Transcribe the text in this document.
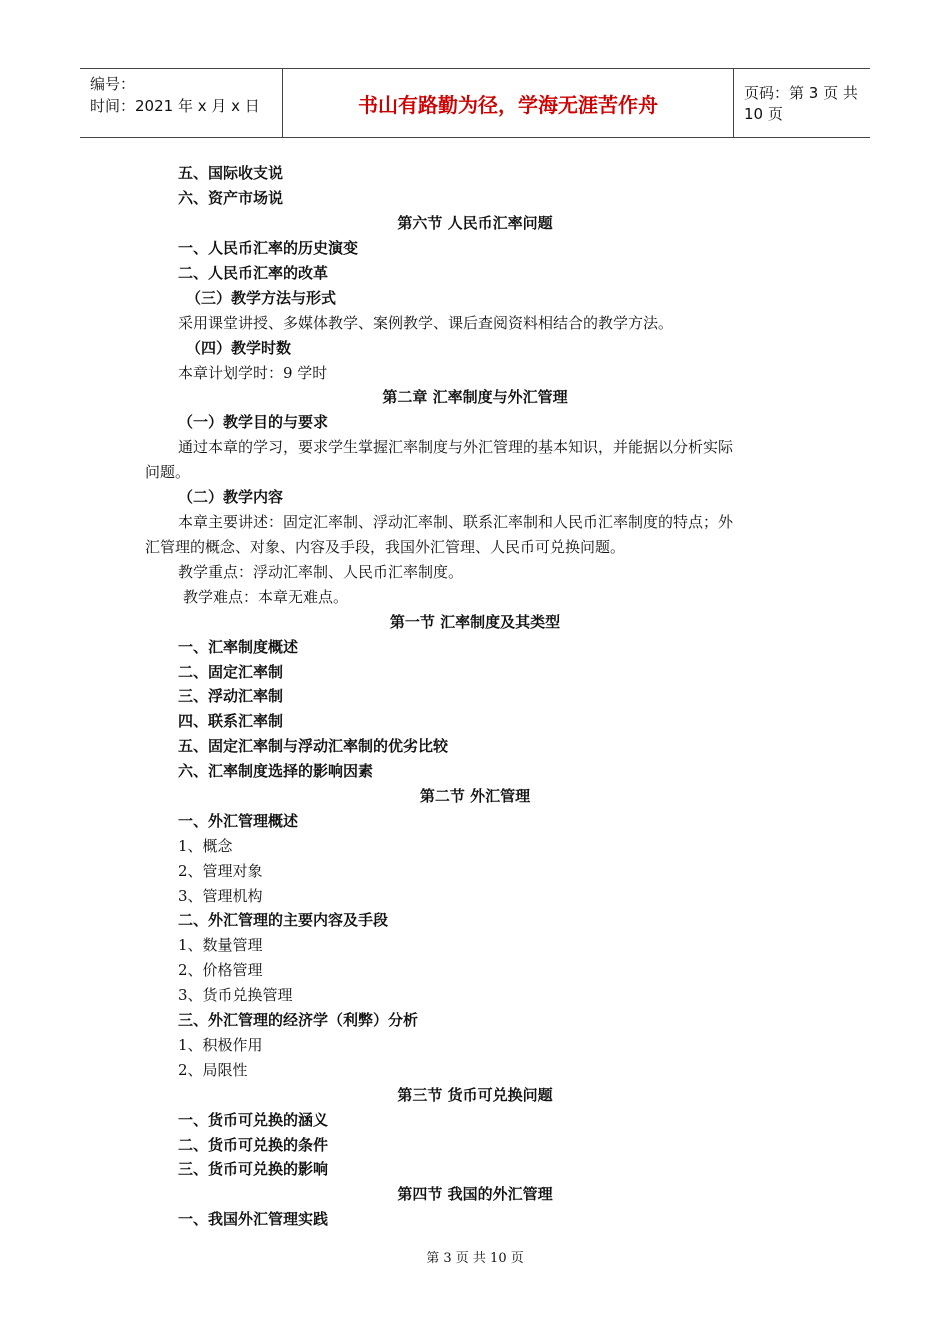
编号：
时间：2021 年 x 月 x 日	书山有路勤为径，学海无涯苦作舟	页码：第 3 页 共 10 页
五、国际收支说
六、资产市场说
第六节 人民币汇率问题
一、人民币汇率的历史演变
二、人民币汇率的改革
（三）教学方法与形式
采用课堂讲授、多媒体教学、案例教学、课后查阅资料相结合的教学方法。
（四）教学时数
本章计划学时：9 学时
第二章 汇率制度与外汇管理
（一）教学目的与要求
通过本章的学习，要求学生掌握汇率制度与外汇管理的基本知识，并能据以分析实际
问题。
（二）教学内容
本章主要讲述：固定汇率制、浮动汇率制、联系汇率制和人民币汇率制度的特点；外
汇管理的概念、对象、内容及手段，我国外汇管理、人民币可兑换问题。
教学重点：浮动汇率制、人民币汇率制度。
教学难点：本章无难点。
第一节 汇率制度及其类型
一、汇率制度概述
二、固定汇率制
三、浮动汇率制
四、联系汇率制
五、固定汇率制与浮动汇率制的优劣比较
六、汇率制度选择的影响因素
第二节 外汇管理
一、外汇管理概述
1、概念
2、管理对象
3、管理机构
二、外汇管理的主要内容及手段
1、数量管理
2、价格管理
3、货币兑换管理
三、外汇管理的经济学（利弊）分析
1、积极作用
2、局限性
第三节 货币可兑换问题
一、货币可兑换的涵义
二、货币可兑换的条件
三、货币可兑换的影响
第四节 我国的外汇管理
一、我国外汇管理实践
第 3 页 共 10 页
